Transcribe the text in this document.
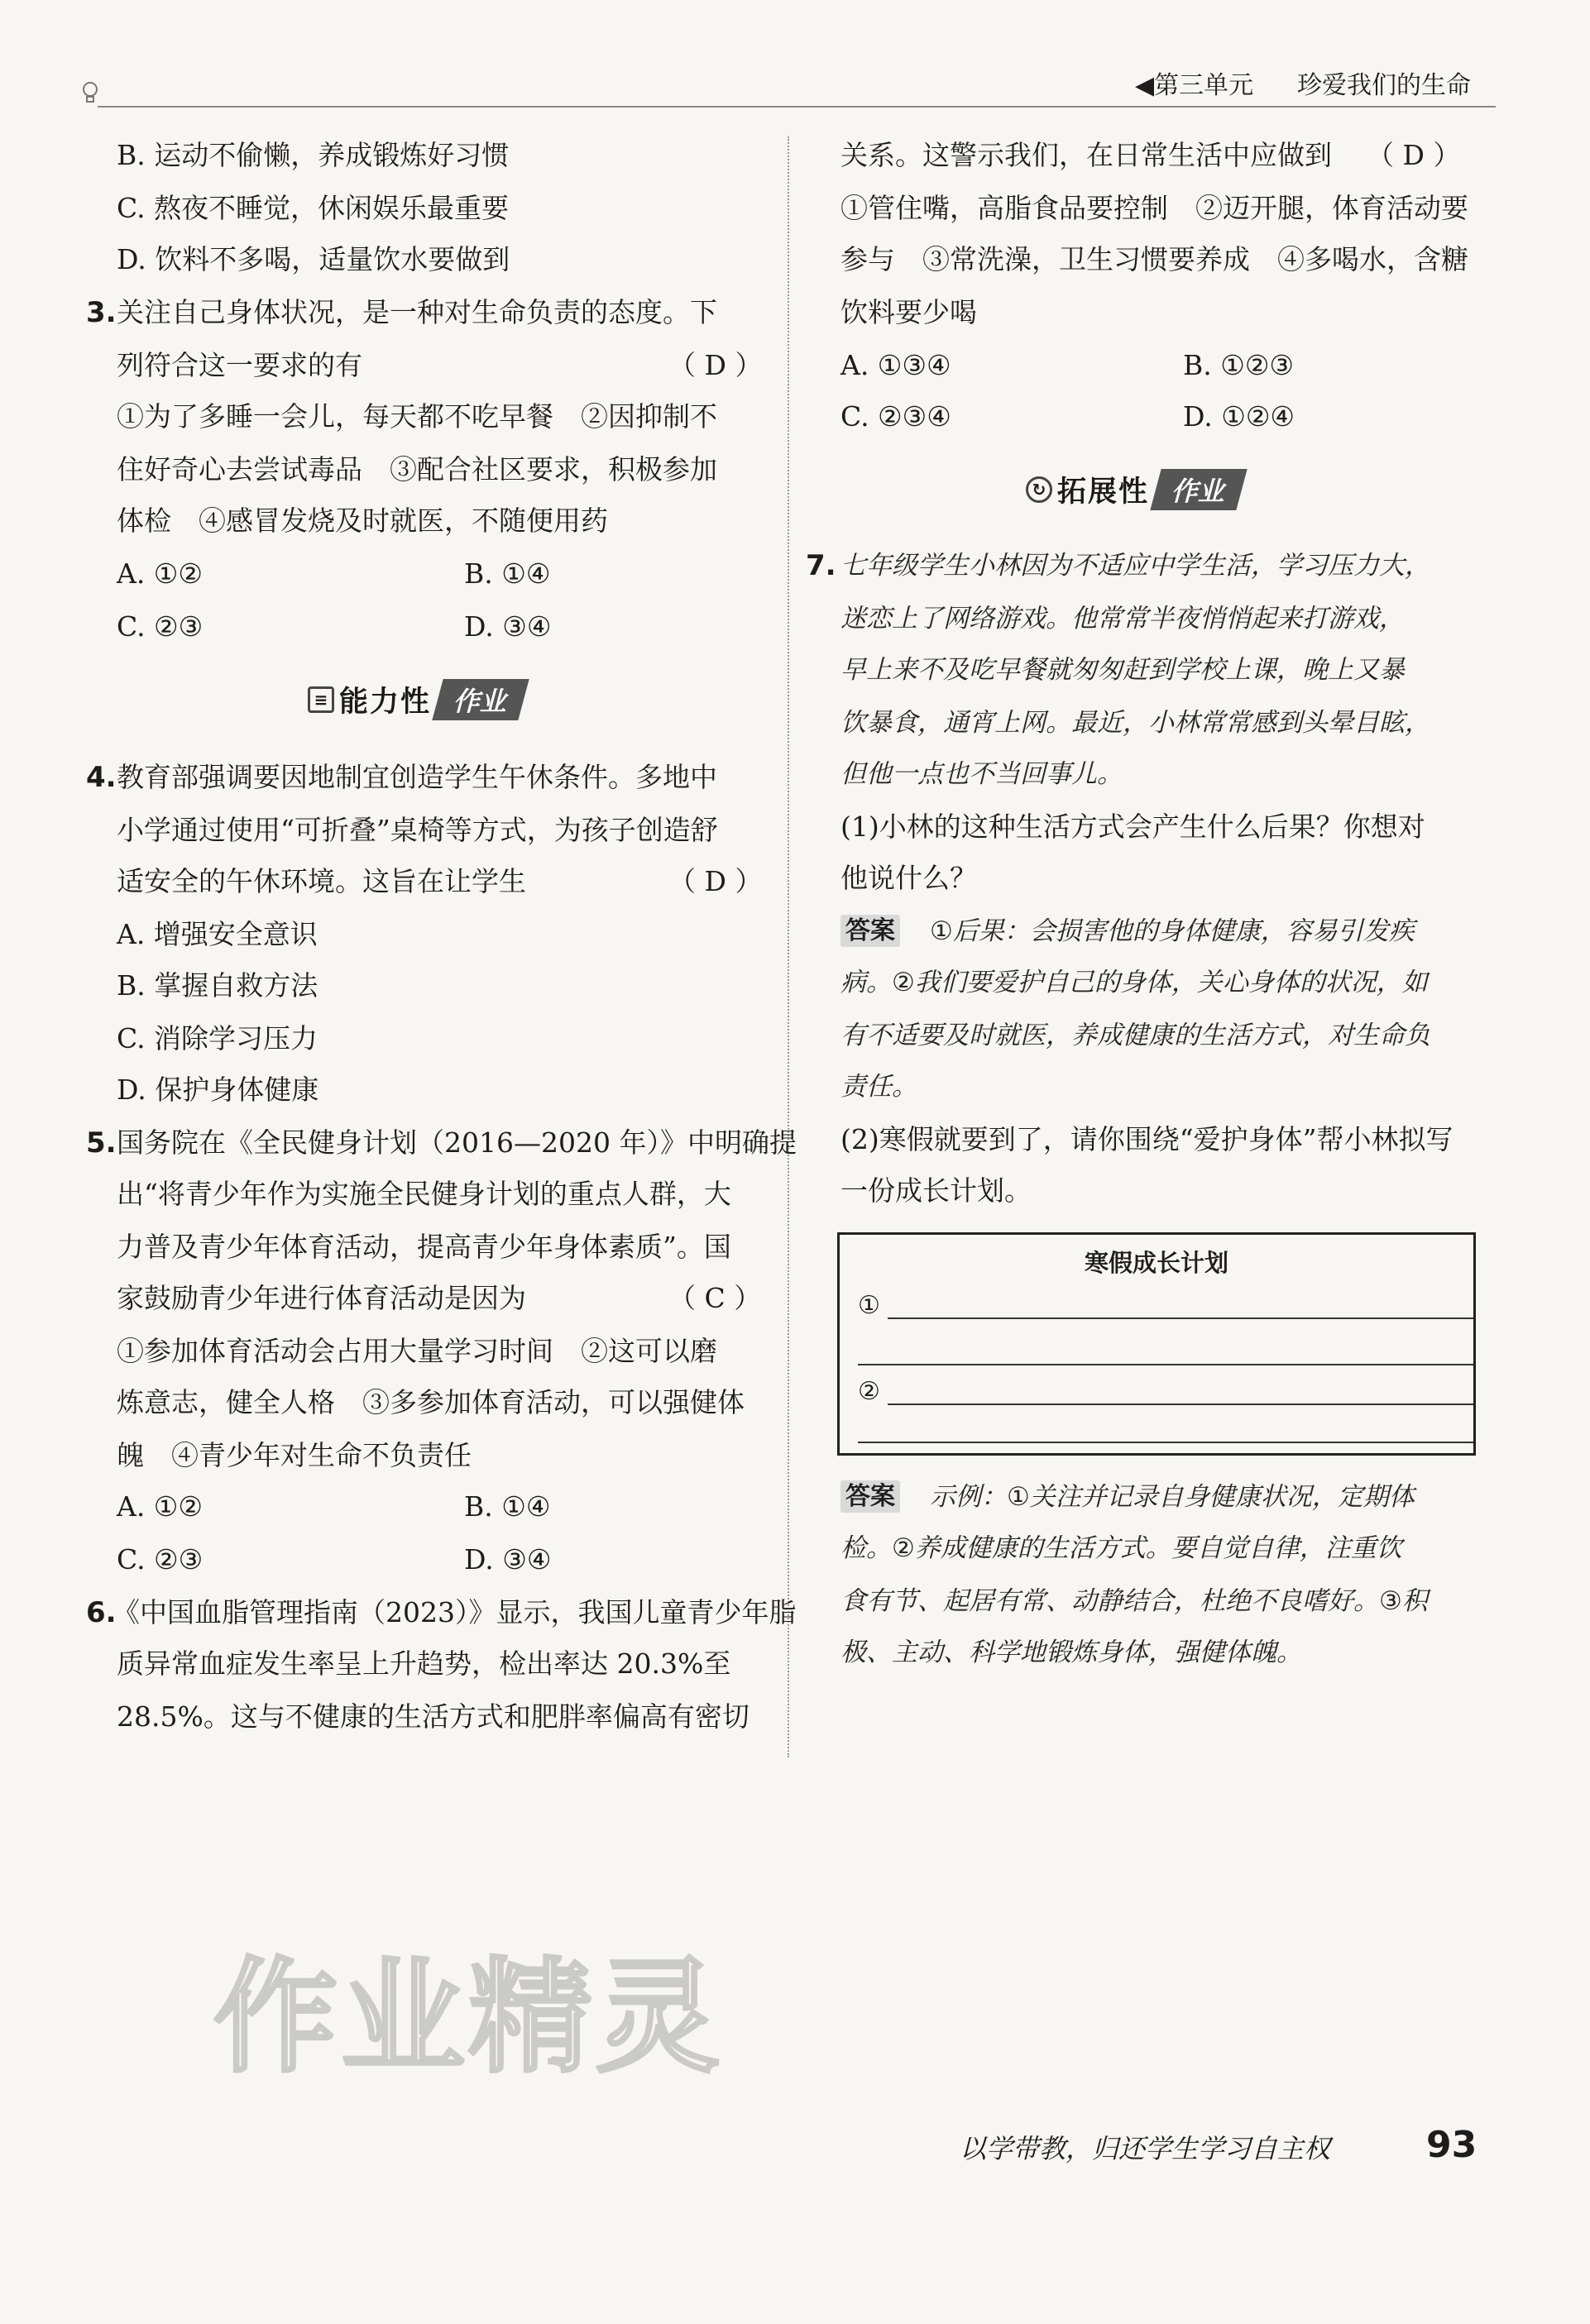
◀第三单元 珍爱我们的生命
B. 运动不偷懒，养成锻炼好习惯
C. 熬夜不睡觉，休闲娱乐最重要
D. 饮料不多喝，适量饮水要做到
3. 关注自己身体状况，是一种对生命负责的态度。下
列符合这一要求的有	（ D ）
①为了多睡一会儿，每天都不吃早餐　②因抑制不
住好奇心去尝试毒品　③配合社区要求，积极参加
体检　④感冒发烧及时就医，不随便用药
A. ①②	B. ①④
C. ②③	D. ③④
≡ 能力性 作业
4. 教育部强调要因地制宜创造学生午休条件。多地中
小学通过使用“可折叠”桌椅等方式，为孩子创造舒
适安全的午休环境。这旨在让学生	（ D ）
A. 增强安全意识
B. 掌握自救方法
C. 消除学习压力
D. 保护身体健康
5. 国务院在《全民健身计划（2016—2020 年）》中明确提
出“将青少年作为实施全民健身计划的重点人群，大
力普及青少年体育活动，提高青少年身体素质”。国
家鼓励青少年进行体育活动是因为	（ C ）
①参加体育活动会占用大量学习时间　②这可以磨
炼意志，健全人格　③多参加体育活动，可以强健体
魄　④青少年对生命不负责任
A. ①②	B. ①④
C. ②③	D. ③④
6.
《中国血脂管理指南（2023）》显示，我国儿童青少年脂
质异常血症发生率呈上升趋势，检出率达 20.3%至
28.5%。这与不健康的生活方式和肥胖率偏高有密切
关系。这警示我们，在日常生活中应做到 （ D ）
①管住嘴，高脂食品要控制　②迈开腿，体育活动要
参与　③常洗澡，卫生习惯要养成　④多喝水，含糖
饮料要少喝
A. ①③④	B. ①②③
C. ②③④	D. ①②④
↻ 拓展性 作业
7. 七年级学生小林因为不适应中学生活，学习压力大，
迷恋上了网络游戏。他常常半夜悄悄起来打游戏，
早上来不及吃早餐就匆匆赶到学校上课，晚上又暴
饮暴食，通宵上网。最近，小林常常感到头晕目眩，
但他一点也不当回事儿。
(1)小林的这种生活方式会产生什么后果？你想对
他说什么？
答案 ①后果：会损害他的身体健康，容易引发疾
病。②我们要爱护自己的身体，关心身体的状况，如
有不适要及时就医，养成健康的生活方式，对生命负
责任。
(2)寒假就要到了，请你围绕“爱护身体”帮小林拟写
一份成长计划。
寒假成长计划
①
②
答案 示例：①关注并记录自身健康状况，定期体
检。②养成健康的生活方式。要自觉自律，注重饮
食有节、起居有常、动静结合，杜绝不良嗜好。③积
极、主动、科学地锻炼身体，强健体魄。
作业精灵
以学带教，归还学生学习自主权	93
